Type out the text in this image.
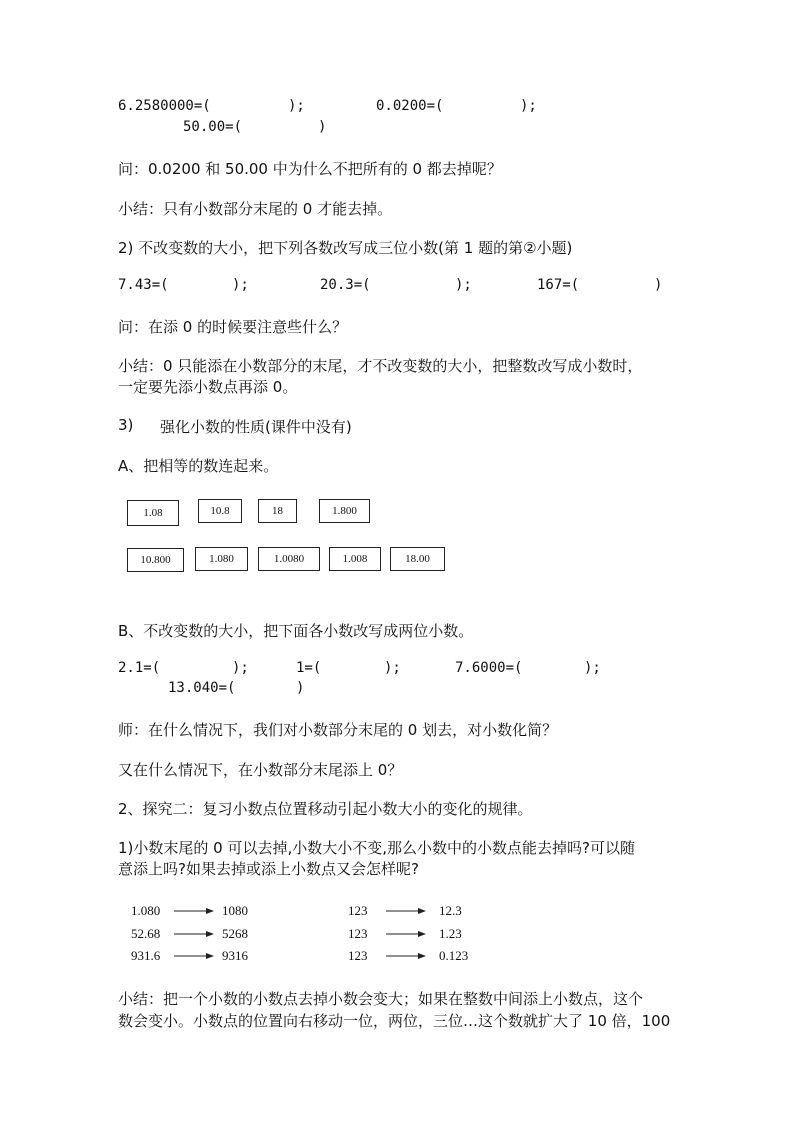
6.2580000=(	);	0.0200=(	);
50.00=(	)
问：0.0200 和 50.00 中为什么不把所有的 0 都去掉呢？
小结：只有小数部分末尾的 0 才能去掉。
2) 不改变数的大小，把下列各数改写成三位小数(第 1 题的第②小题)
7.43=(	);	20.3=(	);	167=(	)
问：在添 0 的时候要注意些什么？
小结：0 只能添在小数部分的末尾，才不改变数的大小，把整数改写成小数时，
一定要先添小数点再添 0。
3) 强化小数的性质(课件中没有)
A、把相等的数连起来。
1.08	10.8	18	1.800
10.800	1.080	1.0080	1.008	18.00
B、不改变数的大小，把下面各小数改写成两位小数。
2.1=(	);	1=(	);	7.6000=(	);
13.040=(	)
师：在什么情况下，我们对小数部分末尾的 0 划去，对小数化简？
又在什么情况下，在小数部分末尾添上 0？
2、探究二：复习小数点位置移动引起小数大小的变化的规律。
1)小数末尾的 0 可以去掉,小数大小不变,那么小数中的小数点能去掉吗?可以随
意添上吗?如果去掉或添上小数点又会怎样呢?
1.080	1080
52.68	5268
931.6	9316
123	12.3
123	1.23
123	0.123
小结：把一个小数的小数点去掉小数会变大；如果在整数中间添上小数点，这个
数会变小。小数点的位置向右移动一位，两位，三位…这个数就扩大了 10 倍，100
